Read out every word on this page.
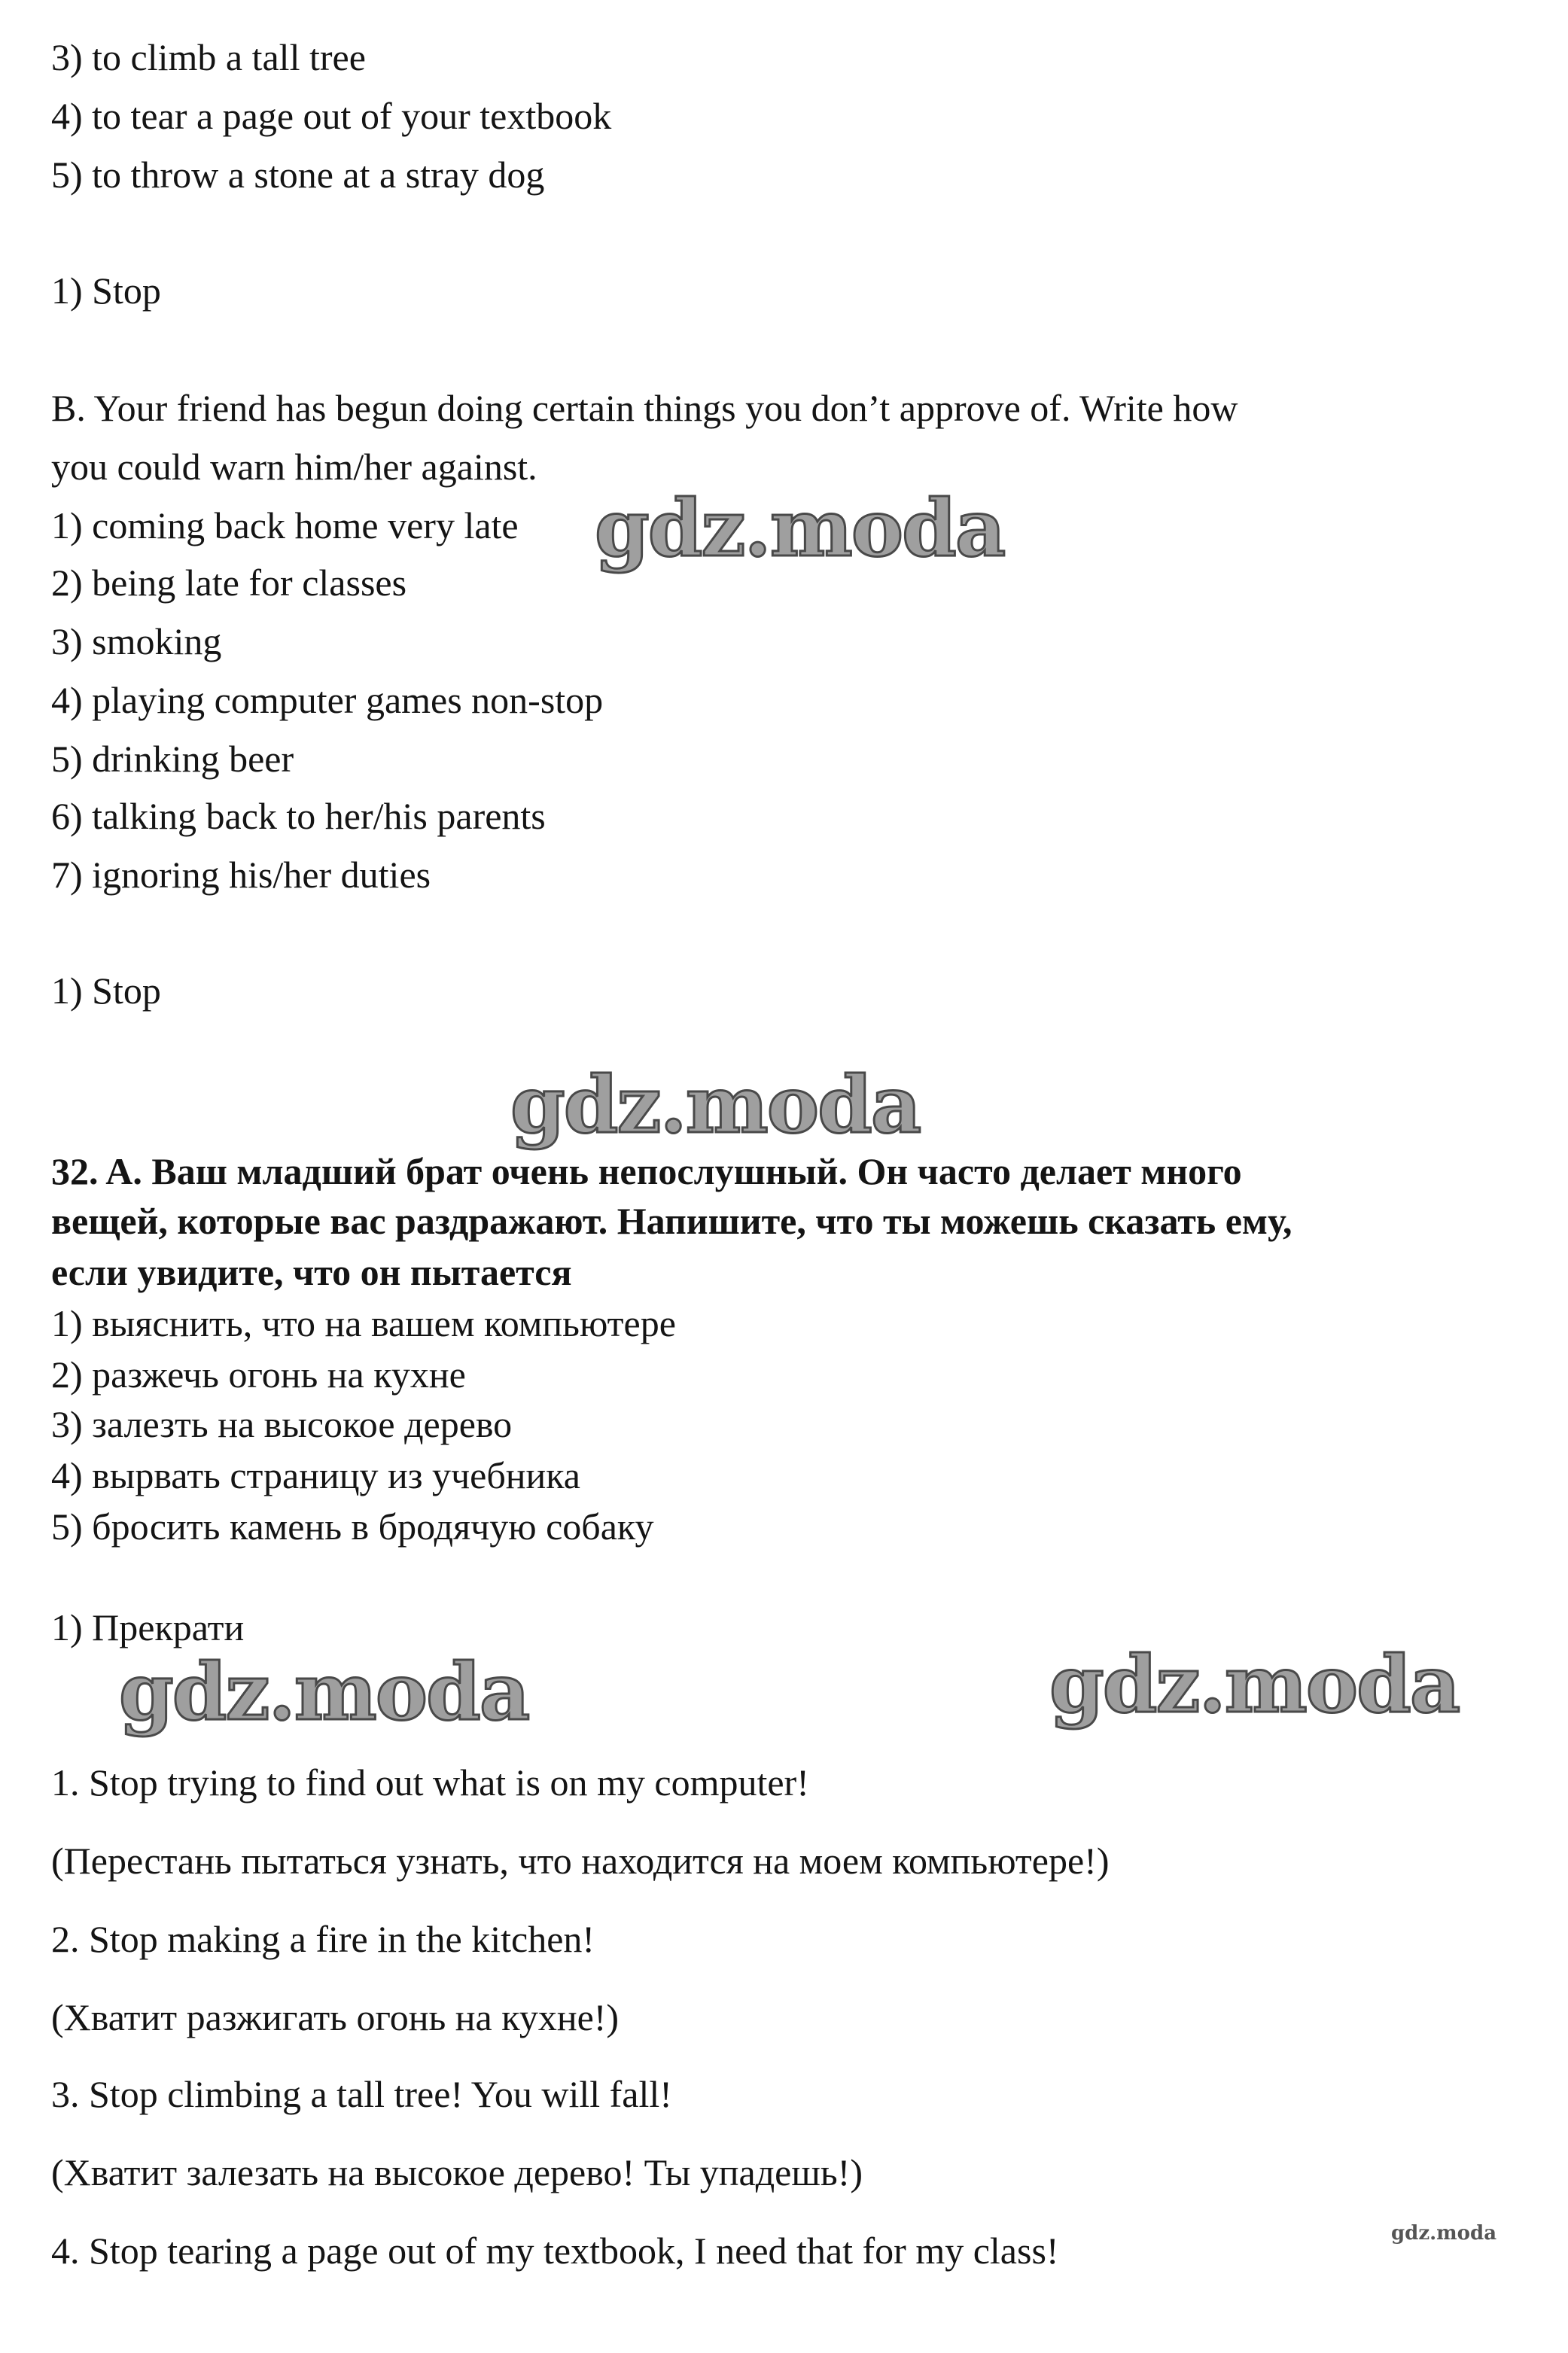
3) to climb a tall tree
4) to tear a page out of your textbook
5) to throw a stone at a stray dog
1) Stop
B. Your friend has begun doing certain things you don’t approve of. Write how
you could warn him/her against.
1) coming back home very late
2) being late for classes
3) smoking
4) playing computer games non-stop
5) drinking beer
6) talking back to her/his parents
7) ignoring his/her duties
1) Stop
32. A. Ваш младший брат очень непослушный. Он часто делает много
вещей, которые вас раздражают. Напишите, что ты можешь сказать ему,
если увидите, что он пытается
1) выяснить, что на вашем компьютере
2) разжечь огонь на кухне
3) залезть на высокое дерево
4) вырвать страницу из учебника
5) бросить камень в бродячую собаку
1) Прекрати
1. Stop trying to find out what is on my computer!
(Перестань пытаться узнать, что находится на моем компьютере!)
2. Stop making a fire in the kitchen!
(Хватит разжигать огонь на кухне!)
3. Stop climbing a tall tree! You will fall!
(Хватит залезать на высокое дерево! Ты упадешь!)
4. Stop tearing a page out of my textbook, I need that for my class!
gdz.moda
gdz.moda
gdz.moda	gdz.moda
gdz.moda
